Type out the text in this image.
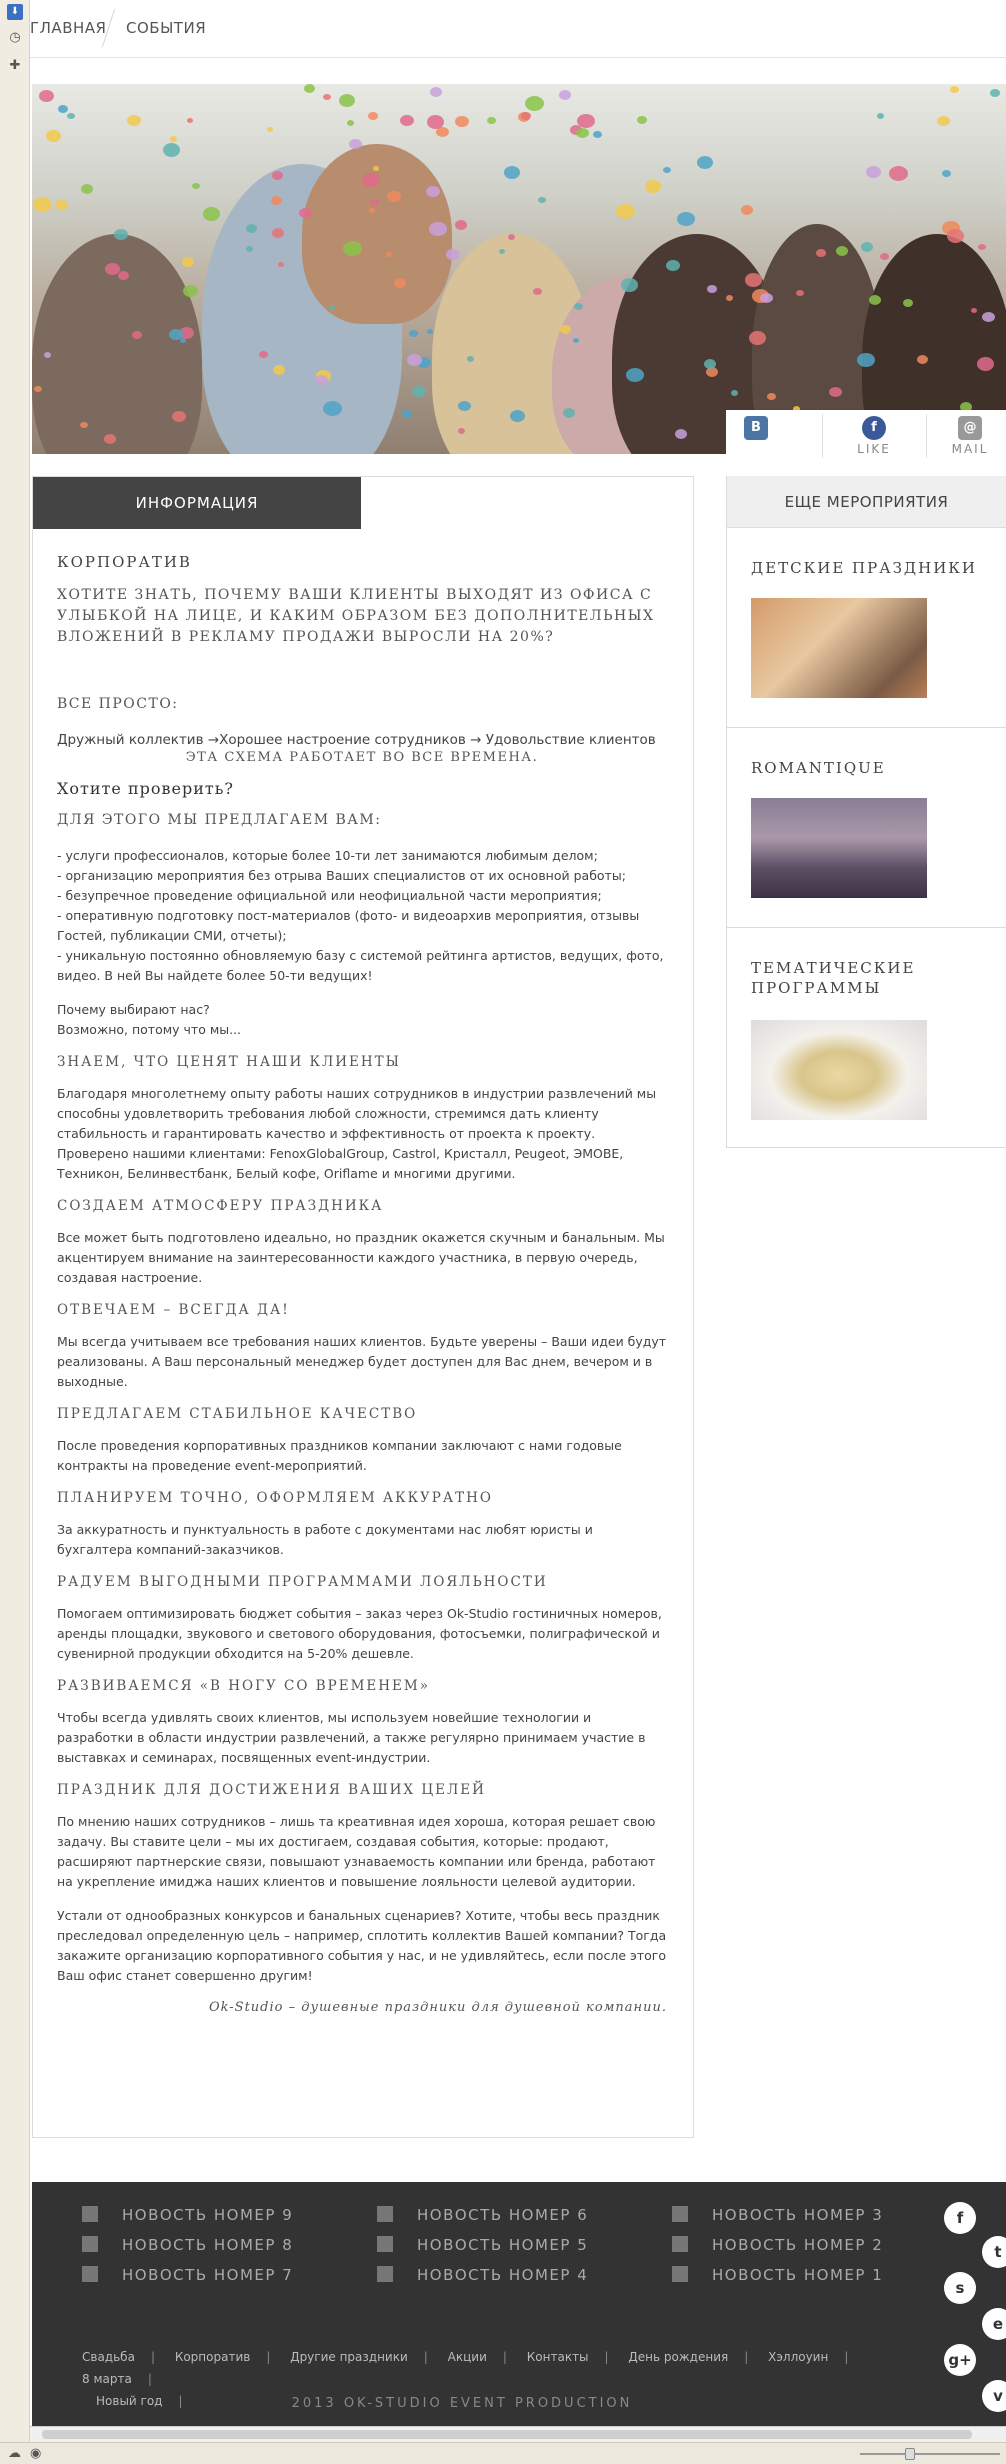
⬇
◷
✚
ГЛАВНАЯ СОБЫТИЯ
В	f
LIKE
@
MAIL
ИНФОРМАЦИЯ
КОРПОРАТИВ
ХОТИТЕ ЗНАТЬ, ПОЧЕМУ ВАШИ КЛИЕНТЫ ВЫХОДЯТ ИЗ ОФИСА С УЛЫБКОЙ НА ЛИЦЕ, И КАКИМ ОБРАЗОМ БЕЗ ДОПОЛНИТЕЛЬНЫХ ВЛОЖЕНИЙ В РЕКЛАМУ ПРОДАЖИ ВЫРОСЛИ НА 20%?
ВСЕ ПРОСТО:
Дружный коллектив →Хорошее настроение сотрудников → Удовольствие клиентов
ЭТА СХЕМА РАБОТАЕТ ВО ВСЕ ВРЕМЕНА.
Хотите проверить?
ДЛЯ ЭТОГО МЫ ПРЕДЛАГАЕМ ВАМ:
- услуги профессионалов, которые более 10-ти лет занимаются любимым делом;
- организацию мероприятия без отрыва Ваших специалистов от их основной работы;
- безупречное проведение официальной или неофициальной части мероприятия;
- оперативную подготовку пост-материалов (фото- и видеоархив мероприятия, отзывы Гостей, публикации СМИ, отчеты);
- уникальную постоянно обновляемую базу с системой рейтинга артистов, ведущих, фото, видео. В ней Вы найдете более 50-ти ведущих!
Почему выбирают нас?
Возможно, потому что мы...
ЗНАЕМ, ЧТО ЦЕНЯТ НАШИ КЛИЕНТЫ

Благодаря многолетнему опыту работы наших сотрудников в индустрии развлечений мы способны удовлетворить требования любой сложности, стремимся дать клиенту стабильность и гарантировать качество и эффективность от проекта к проекту. Проверено нашими клиентами: FenoxGlobalGroup, Castrol, Кристалл, Peugeot, ЭМОВЕ, Техникон, Белинвестбанк, Белый кофе, Oriflame и многими другими.

СОЗДАЕМ АТМОСФЕРУ ПРАЗДНИКА

Все может быть подготовлено идеально, но праздник окажется скучным и банальным. Мы акцентируем внимание на заинтересованности каждого участника, в первую очередь, создавая настроение.

ОТВЕЧАЕМ – ВСЕГДА ДА!

Мы всегда учитываем все требования наших клиентов. Будьте уверены – Ваши идеи будут реализованы. А Ваш персональный менеджер будет доступен для Вас днем, вечером и в выходные.

ПРЕДЛАГАЕМ СТАБИЛЬНОЕ КАЧЕСТВО

После проведения корпоративных праздников компании заключают с нами годовые контракты на проведение event-мероприятий.

ПЛАНИРУЕМ ТОЧНО, ОФОРМЛЯЕМ АККУРАТНО

За аккуратность и пунктуальность в работе с документами нас любят юристы и бухгалтера компаний-заказчиков.

РАДУЕМ ВЫГОДНЫМИ ПРОГРАММАМИ ЛОЯЛЬНОСТИ

Помогаем оптимизировать бюджет события – заказ через Ok-Studio гостиничных номеров, аренды площадки, звукового и светового оборудования, фотосъемки, полиграфической и сувенирной продукции обходится на 5-20% дешевле.

РАЗВИВАЕМСЯ «В НОГУ СО ВРЕМЕНЕМ»

Чтобы всегда удивлять своих клиентов, мы используем новейшие технологии и разработки в области индустрии развлечений, а также регулярно принимаем участие в выставках и семинарах, посвященных event-индустрии.

ПРАЗДНИК ДЛЯ ДОСТИЖЕНИЯ ВАШИХ ЦЕЛЕЙ

По мнению наших сотрудников – лишь та креативная идея хороша, которая решает свою задачу. Вы ставите цели – мы их достигаем, создавая события, которые: продают, расширяют партнерские связи, повышают узнаваемость компании или бренда, работают на укрепление имиджа наших клиентов и повышение лояльности целевой аудитории.

Устали от однообразных конкурсов и банальных сценариев? Хотите, чтобы весь праздник преследовал определенную цель – например, сплотить коллектив Вашей компании? Тогда закажите организацию корпоративного события у нас, и не удивляйтесь, если после этого Ваш офис станет совершенно другим!

Ok-Studio – душевные праздники для душевной компании.
ЕЩЕ МЕРОПРИЯТИЯ
ДЕТСКИЕ ПРАЗДНИКИ
ROMANTIQUE
ТЕМАТИЧЕСКИЕ ПРОГРАММЫ
НОВОСТЬ НОМЕР 9
НОВОСТЬ НОМЕР 8
НОВОСТЬ НОМЕР 7
НОВОСТЬ НОМЕР 6
НОВОСТЬ НОМЕР 5
НОВОСТЬ НОМЕР 4
НОВОСТЬ НОМЕР 3
НОВОСТЬ НОМЕР 2
НОВОСТЬ НОМЕР 1
f
t
s
e
g+
v
Свадьба | Корпоратив | Другие праздники | Акции | Контакты | День рождения | Хэллоуин | 8 марта |
Новый год |	2013 OK-STUDIO EVENT PRODUCTION
☁ ◉
